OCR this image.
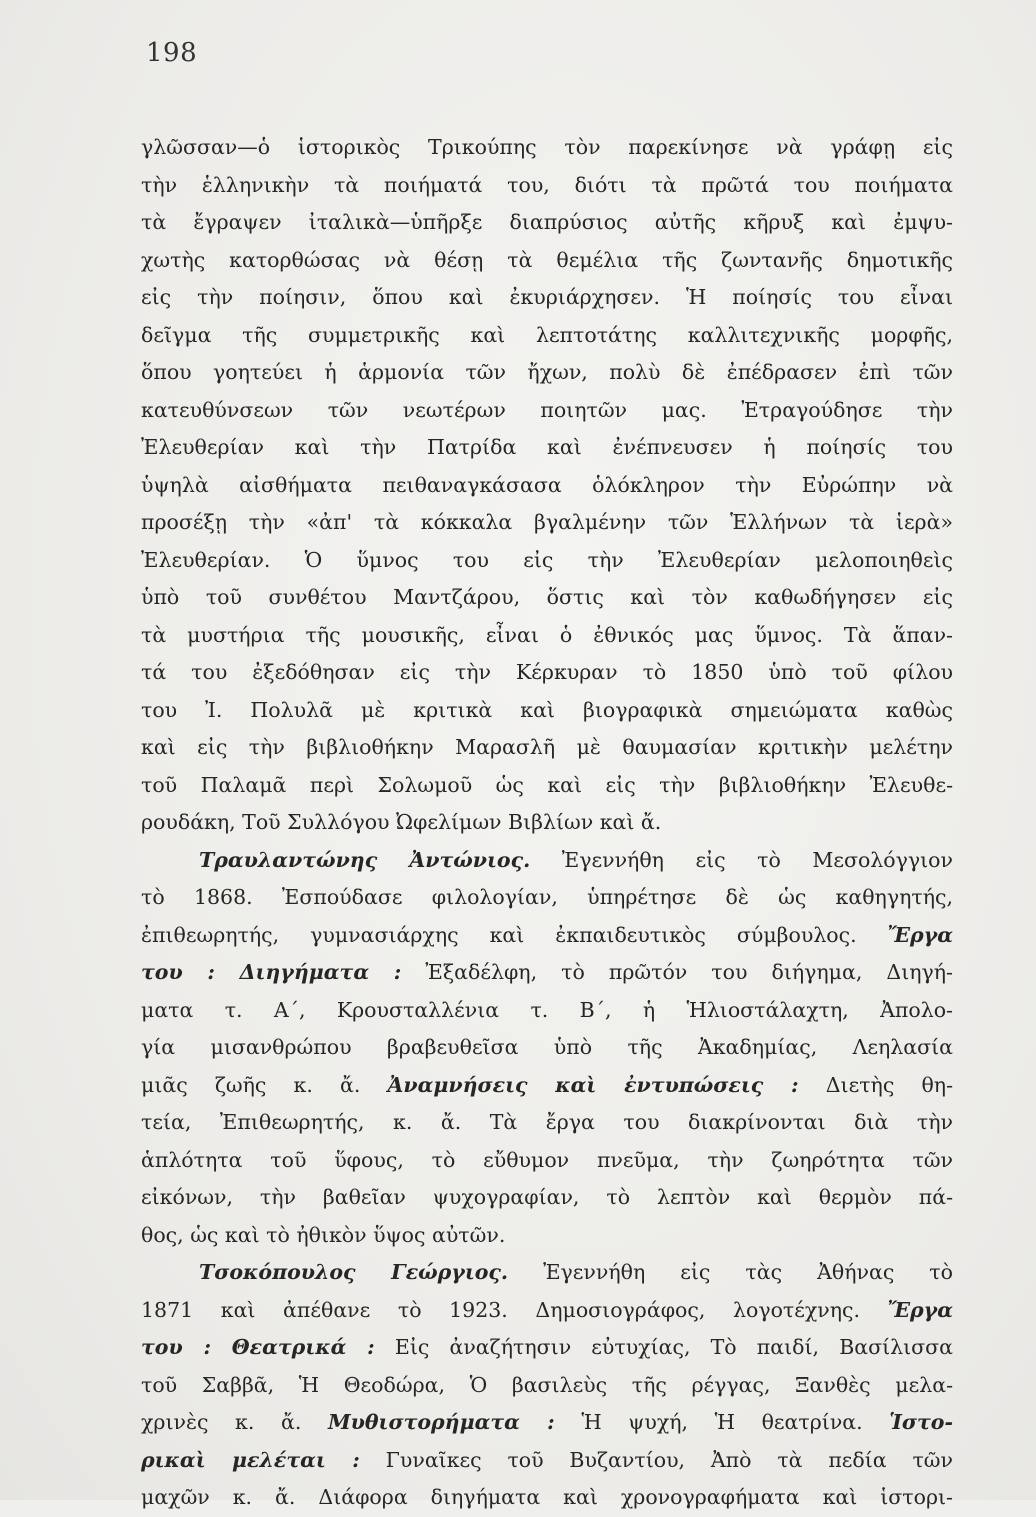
198
γλῶσσαν—ὁ ἱστορικὸς Τρικούπης τὸν παρεκίνησε νὰ γράφῃ εἰς
τὴν ἑλληνικὴν τὰ ποιήματά του, διότι τὰ πρῶτά του ποιήματα
τὰ ἔγραψεν ἰταλικὰ—ὑπῆρξε διαπρύσιος αὐτῆς κῆρυξ καὶ ἐμψυ-
χωτὴς κατορθώσας νὰ θέσῃ τὰ θεμέλια τῆς ζωντανῆς δημοτικῆς
εἰς τὴν ποίησιν, ὅπου καὶ ἐκυριάρχησεν. Ἡ ποίησίς του εἶναι
δεῖγμα τῆς συμμετρικῆς καὶ λεπτοτάτης καλλιτεχνικῆς μορφῆς,
ὅπου γοητεύει ἡ ἁρμονία τῶν ἤχων, πολὺ δὲ ἐπέδρασεν ἐπὶ τῶν
κατευθύνσεων τῶν νεωτέρων ποιητῶν μας. Ἐτραγούδησε τὴν
Ἐλευθερίαν καὶ τὴν Πατρίδα καὶ ἐνέπνευσεν ἡ ποίησίς του
ὑψηλὰ αἰσθήματα πειθαναγκάσασα ὁλόκληρον τὴν Εὐρώπην νὰ
προσέξῃ τὴν «ἀπ' τὰ κόκκαλα βγαλμένην τῶν Ἑλλήνων τὰ ἱερὰ»
Ἐλευθερίαν. Ὁ ὕμνος του εἰς τὴν Ἐλευθερίαν μελοποιηθεὶς
ὑπὸ τοῦ συνθέτου Μαντζάρου, ὅστις καὶ τὸν καθωδήγησεν εἰς
τὰ μυστήρια τῆς μουσικῆς, εἶναι ὁ ἐθνικός μας ὕμνος. Τὰ ἅπαν-
τά του ἐξεδόθησαν εἰς τὴν Κέρκυραν τὸ 1850 ὑπὸ τοῦ φίλου
του Ἰ. Πολυλᾶ μὲ κριτικὰ καὶ βιογραφικὰ σημειώματα καθὼς
καὶ εἰς τὴν βιβλιοθήκην Μαρασλῆ μὲ θαυμασίαν κριτικὴν μελέτην
τοῦ Παλαμᾶ περὶ Σολωμοῦ ὡς καὶ εἰς τὴν βιβλιοθήκην Ἐλευθε-
ρουδάκη, Τοῦ Συλλόγου Ὠφελίμων Βιβλίων καὶ ἄ.
Τραυλαντώνης Ἀντώνιος. Ἐγεννήθη εἰς τὸ Μεσολόγγιον
τὸ 1868. Ἐσπούδασε φιλολογίαν, ὑπηρέτησε δὲ ὡς καθηγητής,
ἐπιθεωρητής, γυμνασιάρχης καὶ ἐκπαιδευτικὸς σύμβουλος. Ἔργα
του : Διηγήματα : Ἐξαδέλφη, τὸ πρῶτόν του διήγημα, Διηγή-
ματα τ. Α΄, Κρουσταλλένια τ. Β΄, ἡ Ἡλιοστάλαχτη, Ἀπολο-
γία μισανθρώπου βραβευθεῖσα ὑπὸ τῆς Ἀκαδημίας, Λεηλασία
μιᾶς ζωῆς κ. ἄ. Ἀναμνήσεις καὶ ἐντυπώσεις : Διετὴς θη-
τεία, Ἐπιθεωρητής, κ. ἄ. Τὰ ἔργα του διακρίνονται διὰ τὴν
ἁπλότητα τοῦ ὕφους, τὸ εὔθυμον πνεῦμα, τὴν ζωηρότητα τῶν
εἰκόνων, τὴν βαθεῖαν ψυχογραφίαν, τὸ λεπτὸν καὶ θερμὸν πά-
θος, ὡς καὶ τὸ ἠθικὸν ὕψος αὐτῶν.
Τσοκόπουλος Γεώργιος. Ἐγεννήθη εἰς τὰς Ἀθήνας τὸ
1871 καὶ ἀπέθανε τὸ 1923. Δημοσιογράφος, λογοτέχνης. Ἔργα
του : Θεατρικά : Εἰς ἀναζήτησιν εὐτυχίας, Τὸ παιδί, Βασίλισσα
τοῦ Σαββᾶ, Ἡ Θεοδώρα, Ὁ βασιλεὺς τῆς ρέγγας, Ξανθὲς μελα-
χρινὲς κ. ἄ. Μυθιστορήματα : Ἡ ψυχή, Ἡ θεατρίνα. Ἱστο-
ρικαὶ μελέται : Γυναῖκες τοῦ Βυζαντίου, Ἀπὸ τὰ πεδία τῶν
μαχῶν κ. ἄ. Διάφορα διηγήματα καὶ χρονογραφήματα καὶ ἱστορι-
